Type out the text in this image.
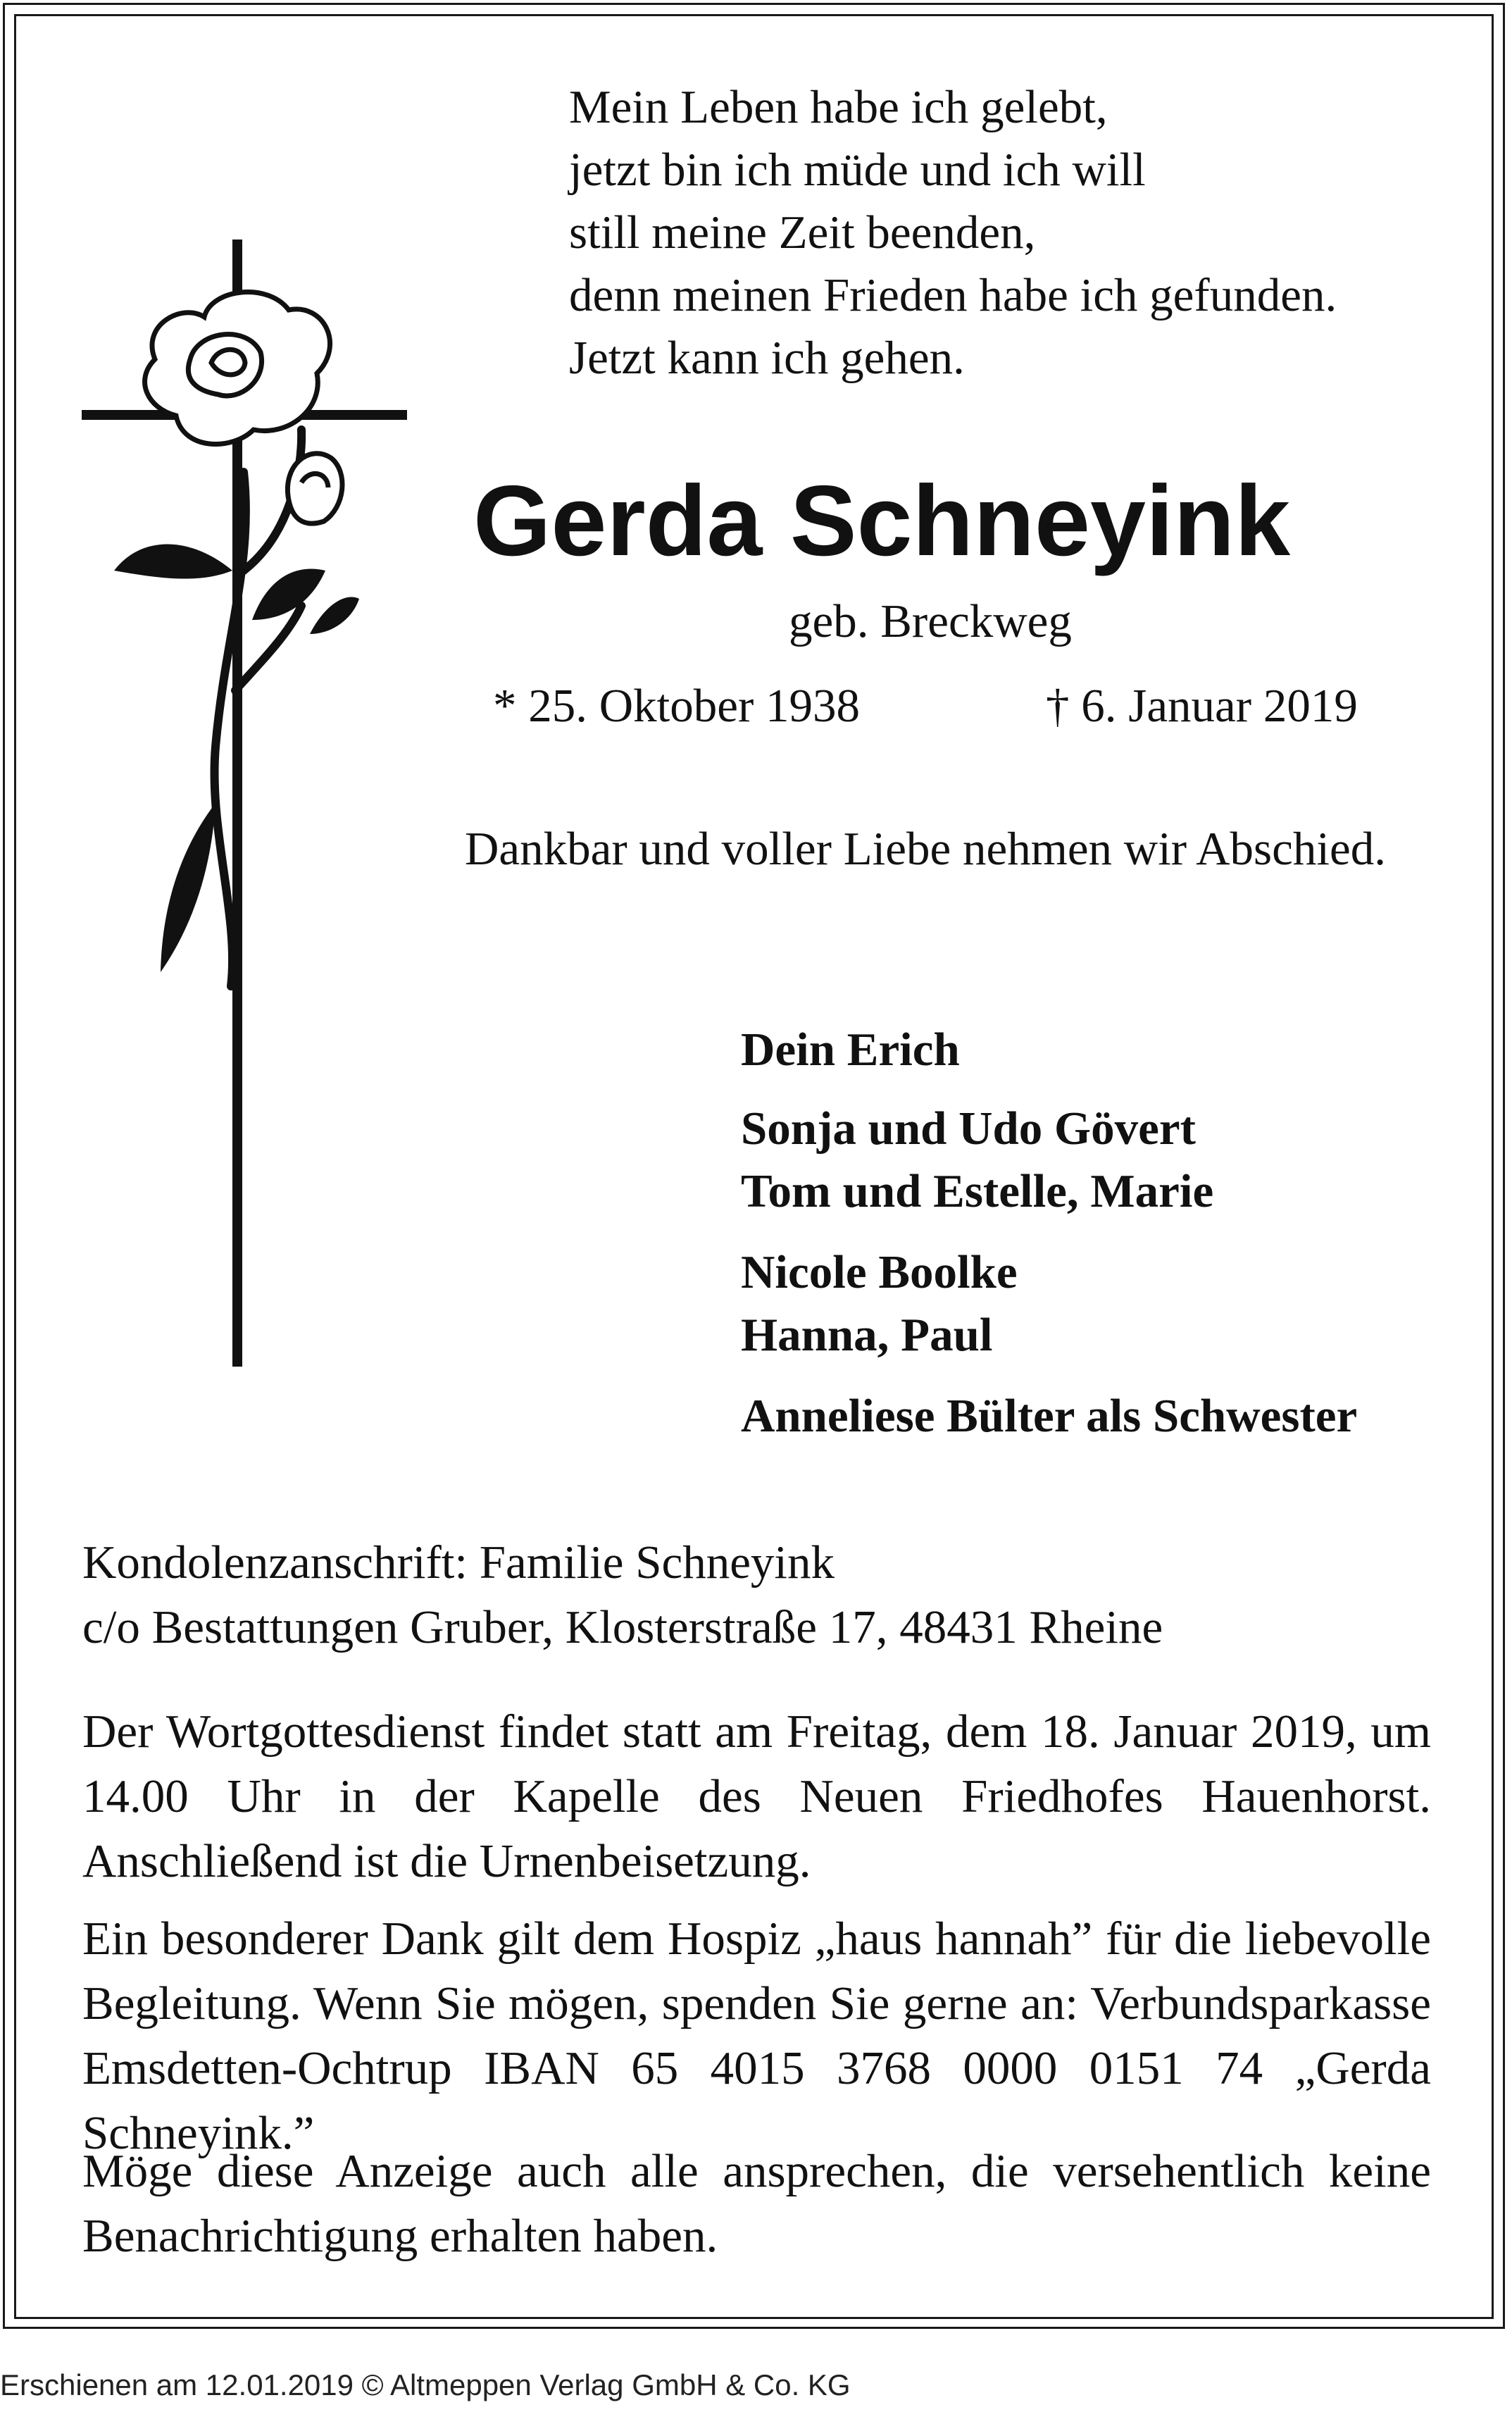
Mein Leben habe ich gelebt,
jetzt bin ich müde und ich will
still meine Zeit beenden,
denn meinen Frieden habe ich gefunden.
Jetzt kann ich gehen.
Gerda Schneyink
geb. Breckweg
* 25. Oktober 1938	† 6. Januar 2019
Dankbar und voller Liebe nehmen wir Abschied.
Dein Erich
Sonja und Udo Gövert
Tom und Estelle, Marie
Nicole Boolke
Hanna, Paul
Anneliese Bülter als Schwester
Kondolenzanschrift: Familie Schneyink
c/o Bestattungen Gruber, Klosterstraße 17, 48431 Rheine
Der Wortgottesdienst findet statt am Freitag, dem 18. Januar 2019, um 14.00 Uhr in der Kapelle des Neuen Friedhofes Hauenhorst. Anschließend ist die Urnenbeisetzung.
Ein besonderer Dank gilt dem Hospiz „haus hannah” für die liebevolle Begleitung. Wenn Sie mögen, spenden Sie gerne an: Verbundsparkasse Emsdetten-Ochtrup IBAN 65 4015 3768 0000 0151 74 „Gerda Schneyink.”
Möge diese Anzeige auch alle ansprechen, die versehentlich keine Benachrichtigung erhalten haben.
Erschienen am 12.01.2019 © Altmeppen Verlag GmbH & Co. KG
